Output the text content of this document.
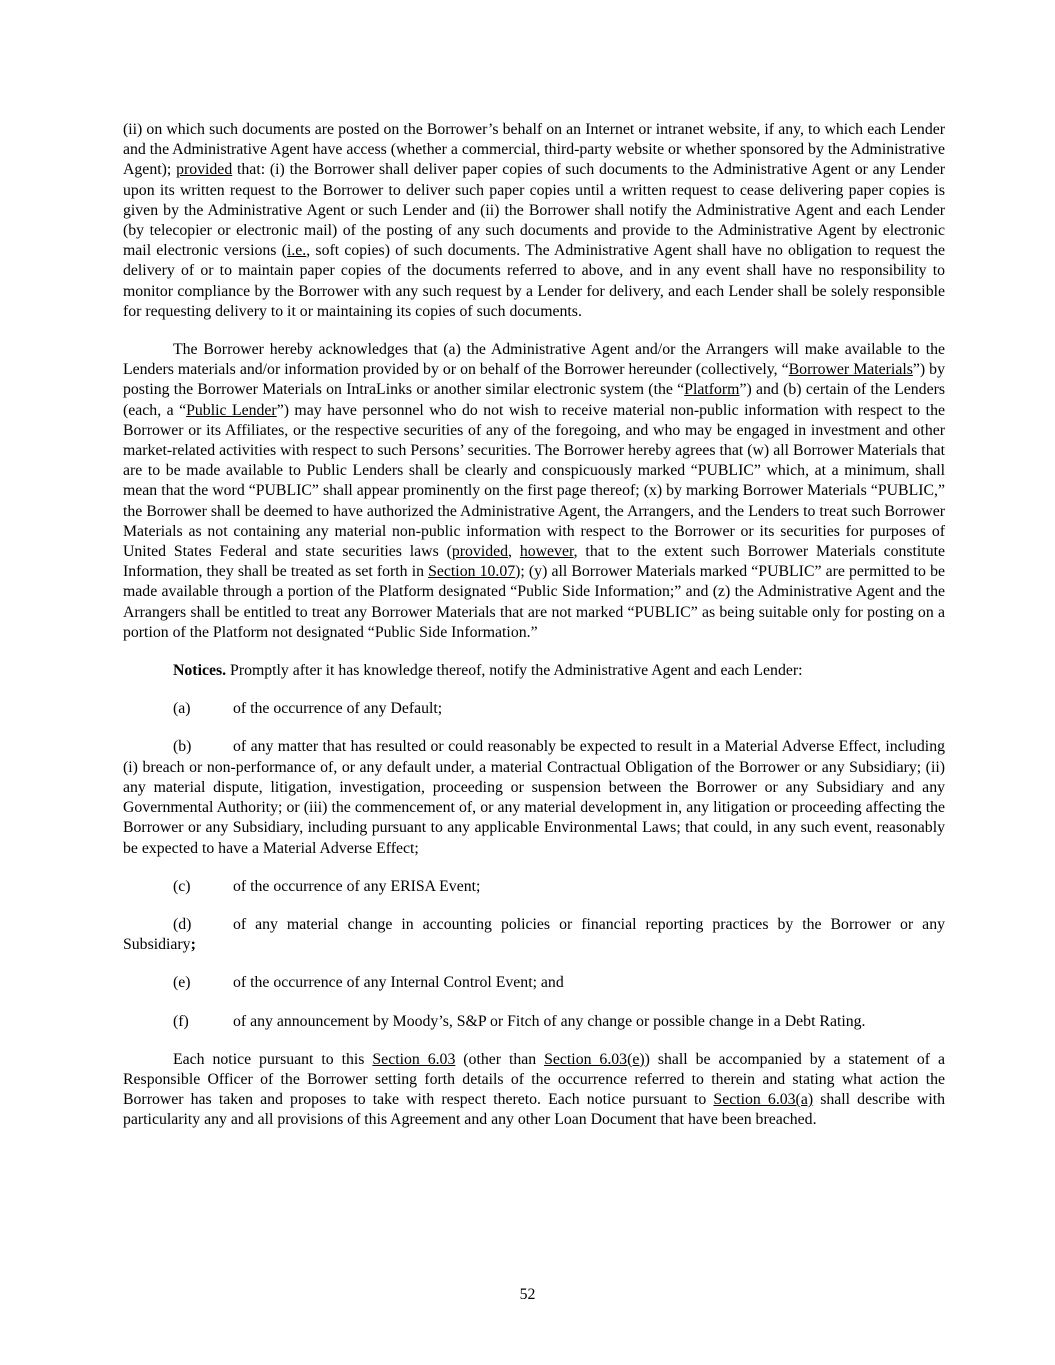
(ii) on which such documents are posted on the Borrower’s behalf on an Internet or intranet website, if any, to which each Lender and the Administrative Agent have access (whether a commercial, third-party website or whether sponsored by the Administrative Agent); provided that: (i) the Borrower shall deliver paper copies of such documents to the Administrative Agent or any Lender upon its written request to the Borrower to deliver such paper copies until a written request to cease delivering paper copies is given by the Administrative Agent or such Lender and (ii) the Borrower shall notify the Administrative Agent and each Lender (by telecopier or electronic mail) of the posting of any such documents and provide to the Administrative Agent by electronic mail electronic versions (i.e., soft copies) of such documents. The Administrative Agent shall have no obligation to request the delivery of or to maintain paper copies of the documents referred to above, and in any event shall have no responsibility to monitor compliance by the Borrower with any such request by a Lender for delivery, and each Lender shall be solely responsible for requesting delivery to it or maintaining its copies of such documents.

The Borrower hereby acknowledges that (a) the Administrative Agent and/or the Arrangers will make available to the Lenders materials and/or information provided by or on behalf of the Borrower hereunder (collectively, “Borrower Materials”) by posting the Borrower Materials on IntraLinks or another similar electronic system (the “Platform”) and (b) certain of the Lenders (each, a “Public Lender”) may have personnel who do not wish to receive material non-public information with respect to the Borrower or its Affiliates, or the respective securities of any of the foregoing, and who may be engaged in investment and other market-related activities with respect to such Persons’ securities. The Borrower hereby agrees that (w) all Borrower Materials that are to be made available to Public Lenders shall be clearly and conspicuously marked “PUBLIC” which, at a minimum, shall mean that the word “PUBLIC” shall appear prominently on the first page thereof; (x) by marking Borrower Materials “PUBLIC,” the Borrower shall be deemed to have authorized the Administrative Agent, the Arrangers, and the Lenders to treat such Borrower Materials as not containing any material non-public information with respect to the Borrower or its securities for purposes of United States Federal and state securities laws (provided, however, that to the extent such Borrower Materials constitute Information, they shall be treated as set forth in Section 10.07); (y) all Borrower Materials marked “PUBLIC” are permitted to be made available through a portion of the Platform designated “Public Side Information;” and (z) the Administrative Agent and the Arrangers shall be entitled to treat any Borrower Materials that are not marked “PUBLIC” as being suitable only for posting on a portion of the Platform not designated “Public Side Information.”

Notices. Promptly after it has knowledge thereof, notify the Administrative Agent and each Lender:

(a)	of the occurrence of any Default;

(b)	of any matter that has resulted or could reasonably be expected to result in a Material Adverse Effect, including (i) breach or non-performance of, or any default under, a material Contractual Obligation of the Borrower or any Subsidiary; (ii) any material dispute, litigation, investigation, proceeding or suspension between the Borrower or any Subsidiary and any Governmental Authority; or (iii) the commencement of, or any material development in, any litigation or proceeding affecting the Borrower or any Subsidiary, including pursuant to any applicable Environmental Laws; that could, in any such event, reasonably be expected to have a Material Adverse Effect;

(c)	of the occurrence of any ERISA Event;

(d)	of any material change in accounting policies or financial reporting practices by the Borrower or any Subsidiary;

(e)	of the occurrence of any Internal Control Event; and

(f)	of any announcement by Moody’s, S&P or Fitch of any change or possible change in a Debt Rating.

Each notice pursuant to this Section 6.03 (other than Section 6.03(e)) shall be accompanied by a statement of a Responsible Officer of the Borrower setting forth details of the occurrence referred to therein and stating what action the Borrower has taken and proposes to take with respect thereto. Each notice pursuant to Section 6.03(a) shall describe with particularity any and all provisions of this Agreement and any other Loan Document that have been breached.

52
